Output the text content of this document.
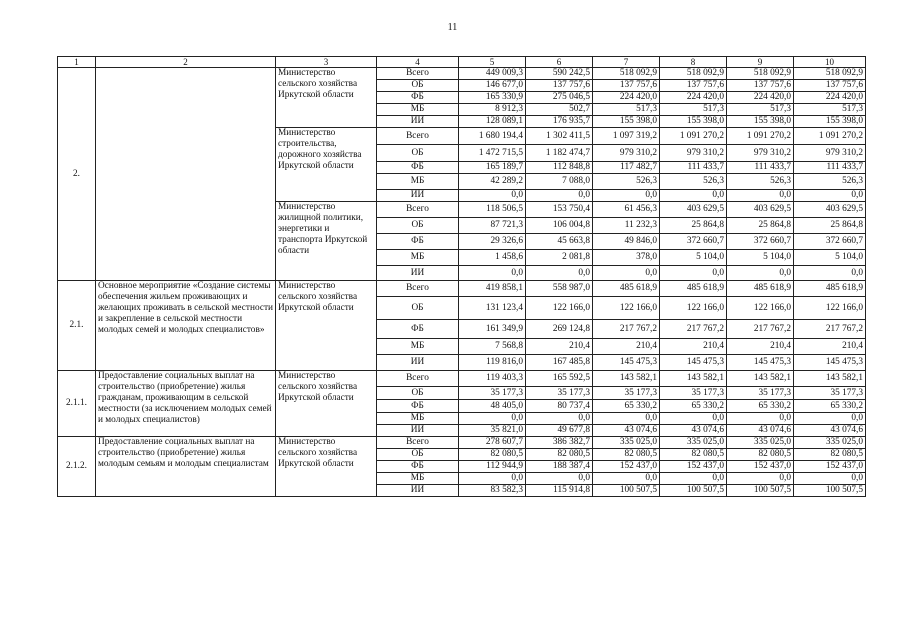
11
1	2	3	4	5	6	7	8	9	10
2.		Министерство сельского хозяйства Иркутской области	Всего	449 009,3	590 242,5	518 092,9	518 092,9	518 092,9	518 092,9
			ОБ	146 677,0	137 757,6	137 757,6	137 757,6	137 757,6	137 757,6
			ФБ	165 330,9	275 046,5	224 420,0	224 420,0	224 420,0	224 420,0
			МБ	8 912,3	502,7	517,3	517,3	517,3	517,3
			ИИ	128 089,1	176 935,7	155 398,0	155 398,0	155 398,0	155 398,0
		Министерство строительства, дорожного хозяйства Иркутской области	Всего	1 680 194,4	1 302 411,5	1 097 319,2	1 091 270,2	1 091 270,2	1 091 270,2
			ОБ	1 472 715,5	1 182 474,7	979 310,2	979 310,2	979 310,2	979 310,2
			ФБ	165 189,7	112 848,8	117 482,7	111 433,7	111 433,7	111 433,7
			МБ	42 289,2	7 088,0	526,3	526,3	526,3	526,3
			ИИ	0,0	0,0	0,0	0,0	0,0	0,0
		Министерство жилищной политики, энергетики и транспорта Иркутской области	Всего	118 506,5	153 750,4	61 456,3	403 629,5	403 629,5	403 629,5
			ОБ	87 721,3	106 004,8	11 232,3	25 864,8	25 864,8	25 864,8
			ФБ	29 326,6	45 663,8	49 846,0	372 660,7	372 660,7	372 660,7
			МБ	1 458,6	2 081,8	378,0	5 104,0	5 104,0	5 104,0
			ИИ	0,0	0,0	0,0	0,0	0,0	0,0
2.1.	Основное мероприятие «Создание системы обеспечения жильем проживающих и желающих проживать в сельской местности и закрепление в сельской местности молодых семей и молодых специалистов»	Министерство сельского хозяйства Иркутской области	Всего	419 858,1	558 987,0	485 618,9	485 618,9	485 618,9	485 618,9
			ОБ	131 123,4	122 166,0	122 166,0	122 166,0	122 166,0	122 166,0
			ФБ	161 349,9	269 124,8	217 767,2	217 767,2	217 767,2	217 767,2
			МБ	7 568,8	210,4	210,4	210,4	210,4	210,4
			ИИ	119 816,0	167 485,8	145 475,3	145 475,3	145 475,3	145 475,3
2.1.1.	Предоставление социальных выплат на строительство (приобретение) жилья гражданам, проживающим в сельской местности (за исключением молодых семей и молодых специалистов)	Министерство сельского хозяйства Иркутской области	Всего	119 403,3	165 592,5	143 582,1	143 582,1	143 582,1	143 582,1
			ОБ	35 177,3	35 177,3	35 177,3	35 177,3	35 177,3	35 177,3
			ФБ	48 405,0	80 737,4	65 330,2	65 330,2	65 330,2	65 330,2
			МБ	0,0	0,0	0,0	0,0	0,0	0,0
			ИИ	35 821,0	49 677,8	43 074,6	43 074,6	43 074,6	43 074,6
2.1.2.	Предоставление социальных выплат на строительство (приобретение) жилья молодым семьям и молодым специалистам	Министерство сельского хозяйства Иркутской области	Всего	278 607,7	386 382,7	335 025,0	335 025,0	335 025,0	335 025,0
			ОБ	82 080,5	82 080,5	82 080,5	82 080,5	82 080,5	82 080,5
			ФБ	112 944,9	188 387,4	152 437,0	152 437,0	152 437,0	152 437,0
			МБ	0,0	0,0	0,0	0,0	0,0	0,0
			ИИ	83 582,3	115 914,8	100 507,5	100 507,5	100 507,5	100 507,5
